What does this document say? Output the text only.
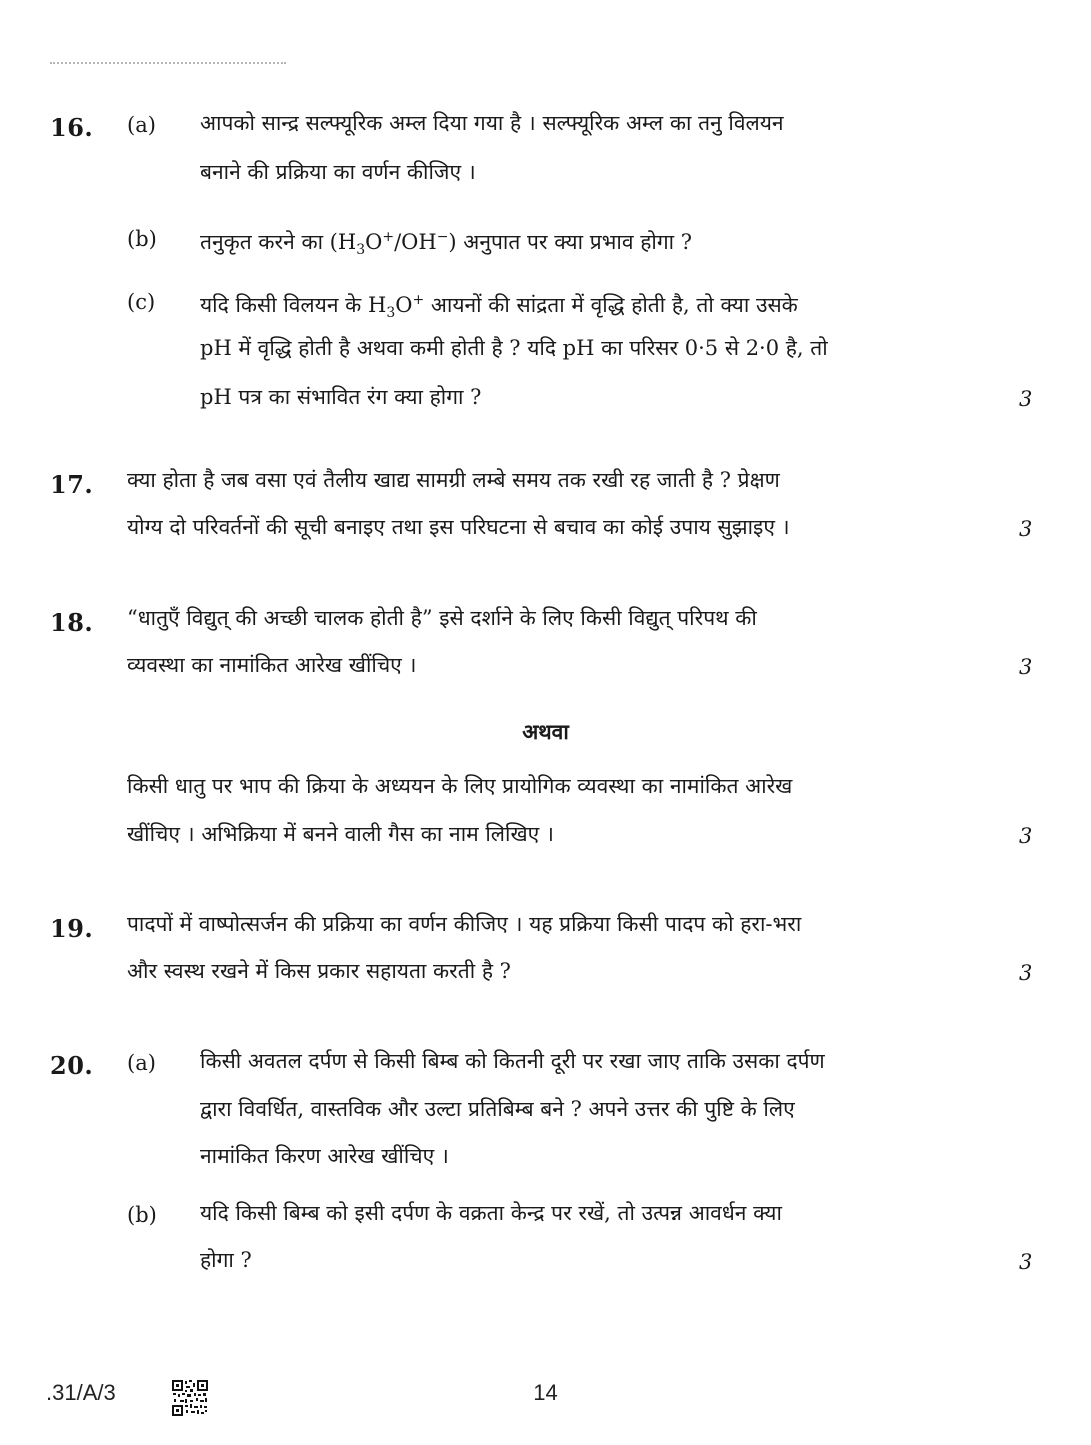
16. (a) आपको सान्द्र सल्फ्यूरिक अम्ल दिया गया है । सल्फ्यूरिक अम्ल का तनु विलयन
बनाने की प्रक्रिया का वर्णन कीजिए ।
(b) तनुकृत करने का $(H_3O^+/OH^-)$ अनुपात पर क्या प्रभाव होगा ?
(c) यदि किसी विलयन के $H_3O^+$ आयनों की सांद्रता में वृद्धि होती है, तो क्या उसके
pH में वृद्धि होती है अथवा कमी होती है ? यदि pH का परिसर 0·5 से 2·0 है, तो
pH पत्र का संभावित रंग क्या होगा ?	3
17. क्या होता है जब वसा एवं तैलीय खाद्य सामग्री लम्बे समय तक रखी रह जाती है ? प्रेक्षण
योग्य दो परिवर्तनों की सूची बनाइए तथा इस परिघटना से बचाव का कोई उपाय सुझाइए ।	3
18. “धातुएँ विद्युत् की अच्छी चालक होती है” इसे दर्शाने के लिए किसी विद्युत् परिपथ की
व्यवस्था का नामांकित आरेख खींचिए ।	3
अथवा
किसी धातु पर भाप की क्रिया के अध्ययन के लिए प्रायोगिक व्यवस्था का नामांकित आरेख
खींचिए । अभिक्रिया में बनने वाली गैस का नाम लिखिए ।	3
19. पादपों में वाष्पोत्सर्जन की प्रक्रिया का वर्णन कीजिए । यह प्रक्रिया किसी पादप को हरा-भरा
और स्वस्थ रखने में किस प्रकार सहायता करती है ?	3
20. (a) किसी अवतल दर्पण से किसी बिम्ब को कितनी दूरी पर रखा जाए ताकि उसका दर्पण
द्वारा विवर्धित, वास्तविक और उल्टा प्रतिबिम्ब बने ? अपने उत्तर की पुष्टि के लिए
नामांकित किरण आरेख खींचिए ।
(b) यदि किसी बिम्ब को इसी दर्पण के वक्रता केन्द्र पर रखें, तो उत्पन्न आवर्धन क्या
होगा ?	3
.31/A/3	14
